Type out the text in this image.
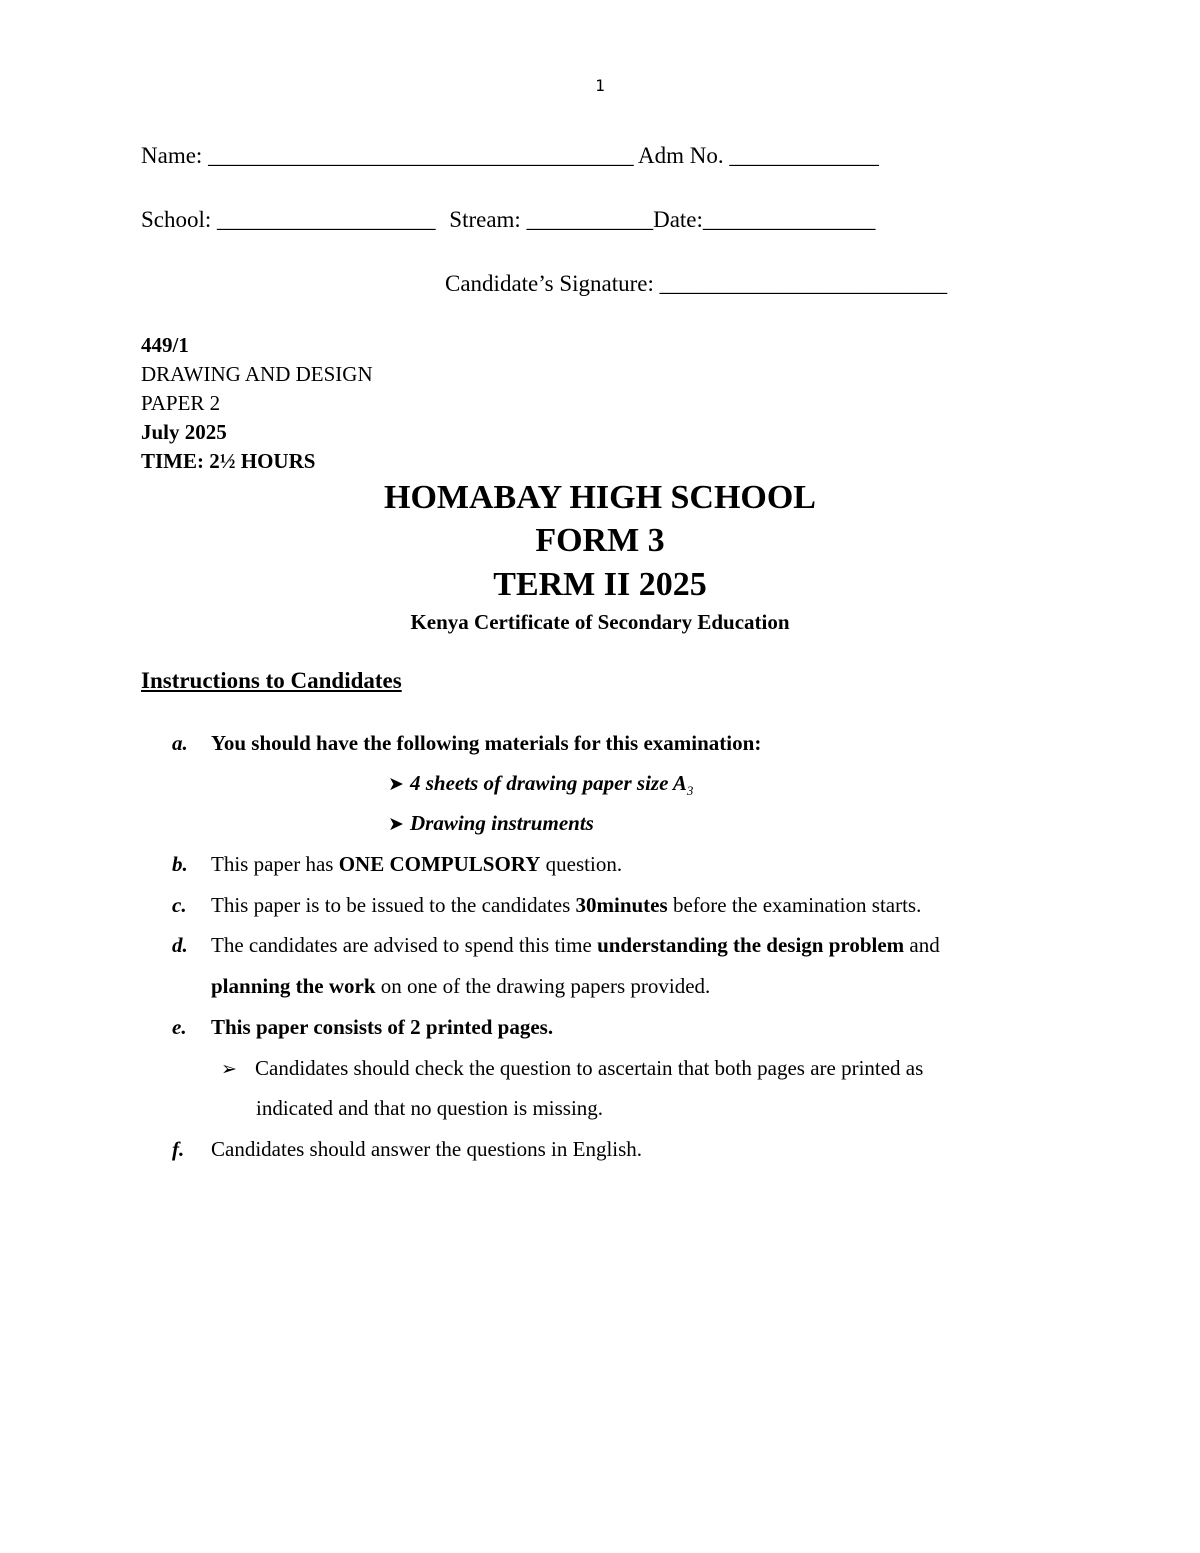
1
Name: _____________________________________ Adm No. _____________
School: ___________________ Stream: ___________Date:_______________
Candidate’s Signature: _________________________
449/1
DRAWING AND DESIGN
PAPER 2
July 2025
TIME: 2½ HOURS
HOMABAY HIGH SCHOOL
FORM 3
TERM II 2025
Kenya Certificate of Secondary Education
Instructions to Candidates
a. You should have the following materials for this examination:
➤ 4 sheets of drawing paper size $A_3$
➤ Drawing instruments
b. This paper has ONE COMPULSORY question.
c. This paper is to be issued to the candidates 30minutes before the examination starts.
d. The candidates are advised to spend this time understanding the design problem and
planning the work on one of the drawing papers provided.
e. This paper consists of 2 printed pages.
➢ Candidates should check the question to ascertain that both pages are printed as
indicated and that no question is missing.
f. Candidates should answer the questions in English.
